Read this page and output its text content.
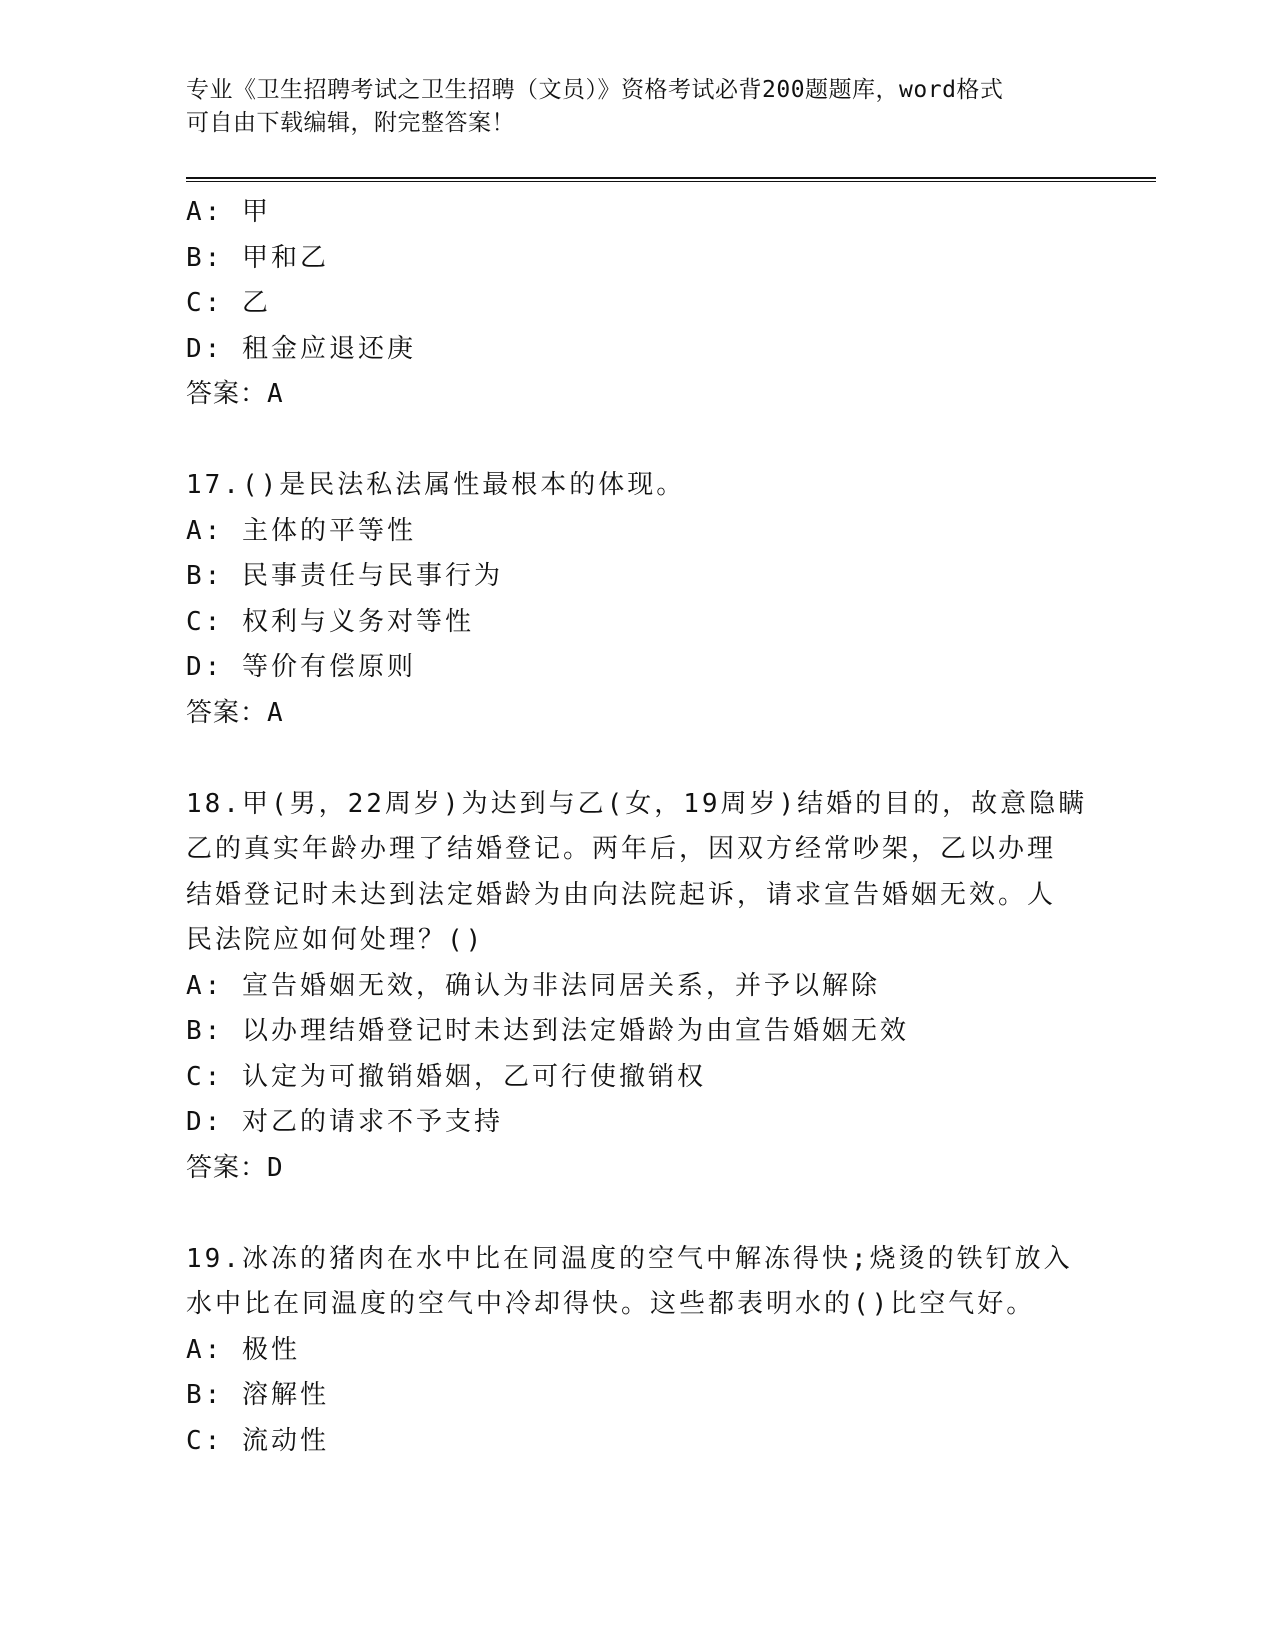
专业《卫生招聘考试之卫生招聘（文员）》资格考试必背200题题库，word格式
可自由下载编辑，附完整答案！
A: 甲
B: 甲和乙
C: 乙
D: 租金应退还庚
答案：A
17.()是民法私法属性最根本的体现。
A: 主体的平等性
B: 民事责任与民事行为
C: 权利与义务对等性
D: 等价有偿原则
答案：A
18.甲(男，22周岁)为达到与乙(女，19周岁)结婚的目的，故意隐瞒
乙的真实年龄办理了结婚登记。两年后，因双方经常吵架，乙以办理
结婚登记时未达到法定婚龄为由向法院起诉，请求宣告婚姻无效。人
民法院应如何处理？()
A: 宣告婚姻无效，确认为非法同居关系，并予以解除
B: 以办理结婚登记时未达到法定婚龄为由宣告婚姻无效
C: 认定为可撤销婚姻，乙可行使撤销权
D: 对乙的请求不予支持
答案：D
19.冰冻的猪肉在水中比在同温度的空气中解冻得快;烧烫的铁钉放入
水中比在同温度的空气中冷却得快。这些都表明水的()比空气好。
A: 极性
B: 溶解性
C: 流动性
